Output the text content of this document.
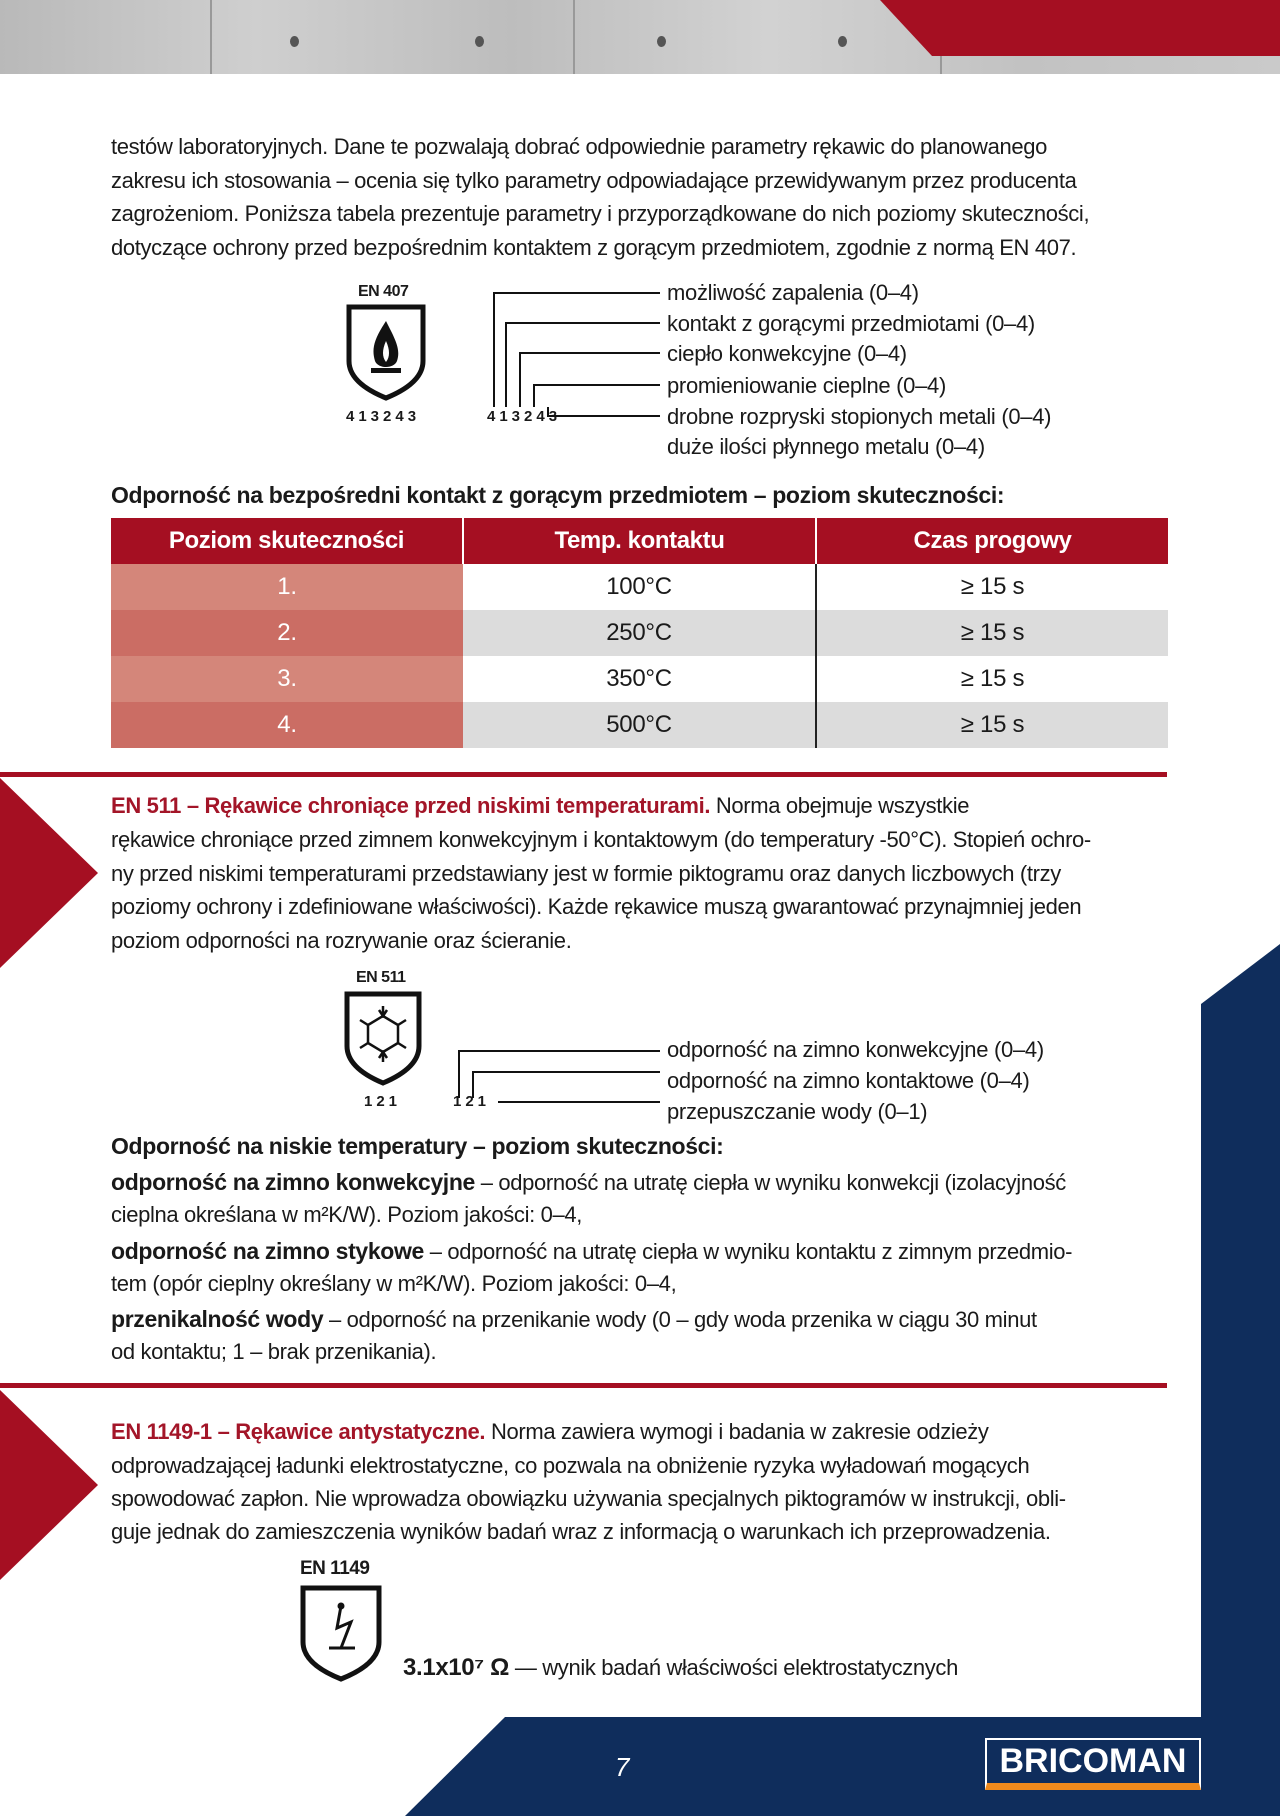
testów laboratoryjnych. Dane te pozwalają dobrać odpowiednie parametry rękawic do planowanego
zakresu ich stosowania – ocenia się tylko parametry odpowiadające przewidywanym przez producenta
zagrożeniom. Poniższa tabela prezentuje parametry i przyporządkowane do nich poziomy skuteczności,
dotyczące ochrony przed bezpośrednim kontaktem z gorącym przedmiotem, zgodnie z normą EN 407.
EN 407
413243	413243
możliwość zapalenia (0–4)
kontakt z gorącymi przedmiotami (0–4)
ciepło konwekcyjne (0–4)
promieniowanie cieplne (0–4)
drobne rozpryski stopionych metali (0–4)
duże ilości płynnego metalu (0–4)
Odporność na bezpośredni kontakt z gorącym przedmiotem – poziom skuteczności:
Poziom skuteczności	Temp. kontaktu	Czas progowy
1.	100°C	≥ 15 s
2.	250°C	≥ 15 s
3.	350°C	≥ 15 s
4.	500°C	≥ 15 s
EN 511 – Rękawice chroniące przed niskimi temperaturami. Norma obejmuje wszystkie
rękawice chroniące przed zimnem konwekcyjnym i kontaktowym (do temperatury -50°C). Stopień ochro-
ny przed niskimi temperaturami przedstawiany jest w formie piktogramu oraz danych liczbowych (trzy
poziomy ochrony i zdefiniowane właściwości). Każde rękawice muszą gwarantować przynajmniej jeden
poziom odporności na rozrywanie oraz ścieranie.
EN 511
121	121
odporność na zimno konwekcyjne (0–4)
odporność na zimno kontaktowe (0–4)
przepuszczanie wody (0–1)
Odporność na niskie temperatury – poziom skuteczności:
odporność na zimno konwekcyjne – odporność na utratę ciepła w wyniku konwekcji (izolacyjność
cieplna określana w m²K/W). Poziom jakości: 0–4,
odporność na zimno stykowe – odporność na utratę ciepła w wyniku kontaktu z zimnym przedmio-
tem (opór cieplny określany w m²K/W). Poziom jakości: 0–4,
przenikalność wody – odporność na przenikanie wody (0 – gdy woda przenika w ciągu 30 minut
od kontaktu; 1 – brak przenikania).
EN 1149-1 – Rękawice antystatyczne. Norma zawiera wymogi i badania w zakresie odzieży
odprowadzającej ładunki elektrostatyczne, co pozwala na obniżenie ryzyka wyładowań mogących
spowodować zapłon. Nie wprowadza obowiązku używania specjalnych piktogramów w instrukcji, obli-
guje jednak do zamieszczenia wyników badań wraz z informacją o warunkach ich przeprowadzenia.
EN 1149
3.1x10⁷ Ω — wynik badań właściwości elektrostatycznych
7	BRICOMAN
